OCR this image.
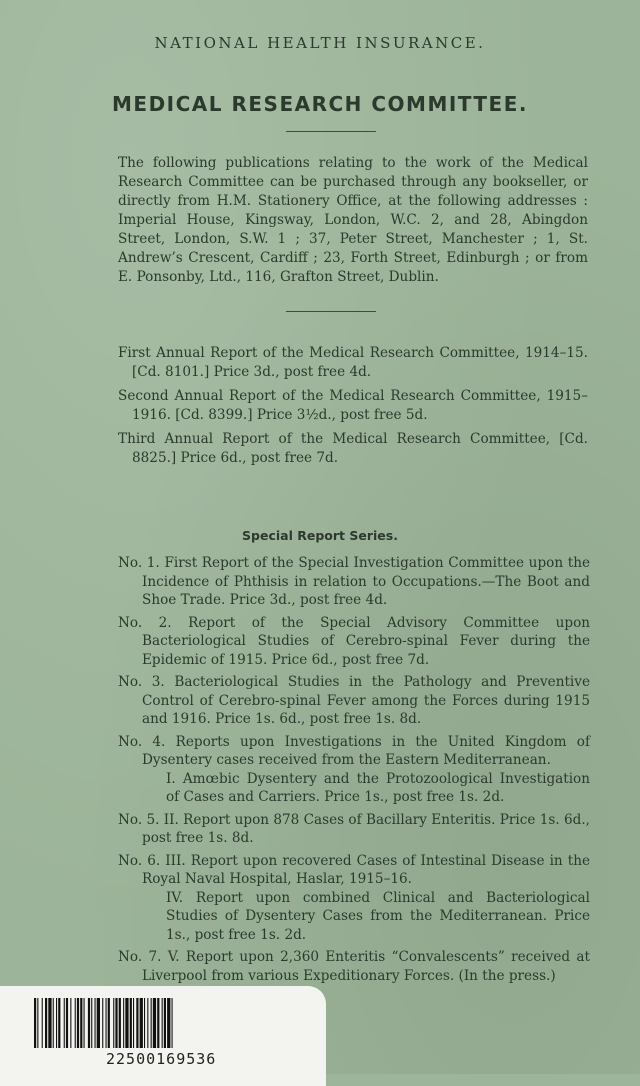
NATIONAL HEALTH INSURANCE.
MEDICAL RESEARCH COMMITTEE.
The following publications relating to the work of the Medical Research Committee can be purchased through any bookseller, or directly from H.M. Stationery Office, at the following addresses : Imperial House, Kingsway, London, W.C. 2, and 28, Abingdon Street, London, S.W. 1 ; 37, Peter Street, Manchester ; 1, St. Andrew’s Crescent, Cardiff ; 23, Forth Street, Edinburgh ; or from E. Ponsonby, Ltd., 116, Grafton Street, Dublin.
First Annual Report of the Medical Research Committee, 1914–15. [Cd. 8101.] Price 3d., post free 4d.
Second Annual Report of the Medical Research Committee, 1915–1916. [Cd. 8399.] Price 3½d., post free 5d.
Third Annual Report of the Medical Research Committee, [Cd. 8825.] Price 6d., post free 7d.
Special Report Series.
No. 1. First Report of the Special Investigation Committee upon the Incidence of Phthisis in relation to Occupations.—The Boot and Shoe Trade. Price 3d., post free 4d.
No. 2. Report of the Special Advisory Committee upon Bacteriological Studies of Cerebro-spinal Fever during the Epidemic of 1915. Price 6d., post free 7d.
No. 3. Bacteriological Studies in the Pathology and Preventive Control of Cerebro-spinal Fever among the Forces during 1915 and 1916. Price 1s. 6d., post free 1s. 8d.
No. 4. Reports upon Investigations in the United Kingdom of Dysentery cases received from the Eastern Mediterranean.
I. Amœbic Dysentery and the Protozoological Investigation of Cases and Carriers. Price 1s., post free 1s. 2d.
No. 5. II. Report upon 878 Cases of Bacillary Enteritis. Price 1s. 6d., post free 1s. 8d.
No. 6. III. Report upon recovered Cases of Intestinal Disease in the Royal Naval Hospital, Haslar, 1915–16.
IV. Report upon combined Clinical and Bacteriological Studies of Dysentery Cases from the Mediterranean. Price 1s., post free 1s. 2d.
No. 7. V. Report upon 2,360 Enteritis “Convalescents” received at Liverpool from various Expeditionary Forces. (In the press.)
22500169536
